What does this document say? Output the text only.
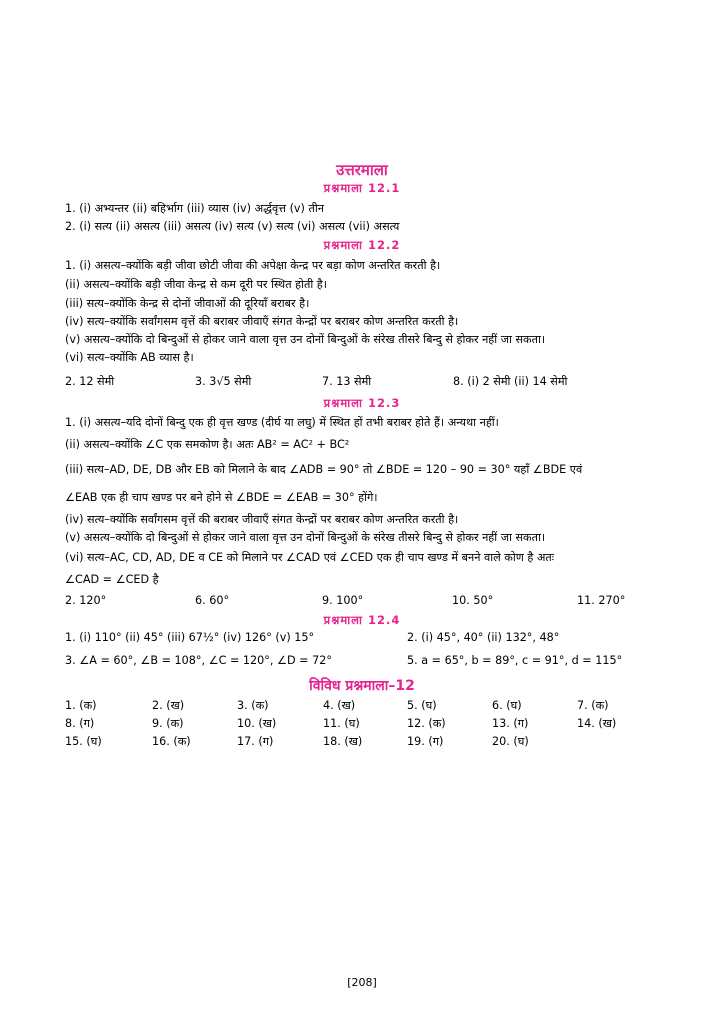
उत्तरमाला
प्रश्नमाला 12.1
1. (i) अभ्यन्तर (ii) बहिर्भाग (iii) व्यास (iv) अर्द्धवृत्त (v) तीन
2. (i) सत्य (ii) असत्य (iii) असत्य (iv) सत्य (v) सत्य (vi) असत्य (vii) असत्य
प्रश्नमाला 12.2
1. (i) असत्य–क्योंकि बड़ी जीवा छोटी जीवा की अपेक्षा केन्द्र पर बड़ा कोण अन्तरित करती है।
(ii) असत्य–क्योंकि बड़ी जीवा केन्द्र से कम दूरी पर स्थित होती है।
(iii) सत्य–क्योंकि केन्द्र से दोनों जीवाओं की दूरियाँ बराबर है।
(iv) सत्य–क्योंकि सर्वांगसम वृत्तें की बराबर जीवाएँ संगत केन्द्रों पर बराबर कोण अन्तरित करती है।
(v) असत्य–क्योंकि दो बिन्दुओं से होकर जाने वाला वृत्त उन दोनों बिन्दुओं के संरेख तीसरे बिन्दु से होकर नहीं जा सकता।
(vi) सत्य–क्योंकि AB व्यास है।
2. 12 सेमी	3. 3√5 सेमी	7. 13 सेमी	8. (i) 2 सेमी (ii) 14 सेमी
प्रश्नमाला 12.3
1. (i) असत्य–यदि दोनों बिन्दु एक ही वृत्त खण्ड (दीर्घ या लघु) में स्थित हों तभी बराबर होते हैं। अन्यथा नहीं।
(ii) असत्य–क्योंकि ∠C एक समकोण है। अतः AB² = AC² + BC²
(iii) सत्य–AD, DE, DB और EB को मिलाने के बाद ∠ADB = 90° तो ∠BDE = 120 – 90 = 30° यहाँ ∠BDE एवं
∠EAB एक ही चाप खण्ड पर बने होने से ∠BDE = ∠EAB = 30° होंगे।
(iv) सत्य–क्योंकि सर्वांगसम वृत्तें की बराबर जीवाएँ संगत केन्द्रों पर बराबर कोण अन्तरित करती है।
(v) असत्य–क्योंकि दो बिन्दुओं से होकर जाने वाला वृत्त उन दोनों बिन्दुओं के संरेख तीसरे बिन्दु से होकर नहीं जा सकता।
(vi) सत्य–AC, CD, AD, DE व CE को मिलाने पर ∠CAD एवं ∠CED एक ही चाप खण्ड में बनने वाले कोण है अतः
∠CAD = ∠CED है
2. 120°	6. 60°	9. 100°	10. 50°	11. 270°
प्रश्नमाला 12.4
1. (i) 110° (ii) 45° (iii) 67½° (iv) 126° (v) 15°	2. (i) 45°, 40° (ii) 132°, 48°
3. ∠A = 60°, ∠B = 108°, ∠C = 120°, ∠D = 72°	5. a = 65°, b = 89°, c = 91°, d = 115°
विविध प्रश्नमाला–12
1. (क)	2. (ख)	3. (क)	4. (ख)	5. (घ)	6. (घ)	7. (क)
8. (ग)	9. (क)	10. (ख)	11. (घ)	12. (क)	13. (ग)	14. (ख)
15. (घ)	16. (क)	17. (ग)	18. (ख)	19. (ग)	20. (घ)
[208]
